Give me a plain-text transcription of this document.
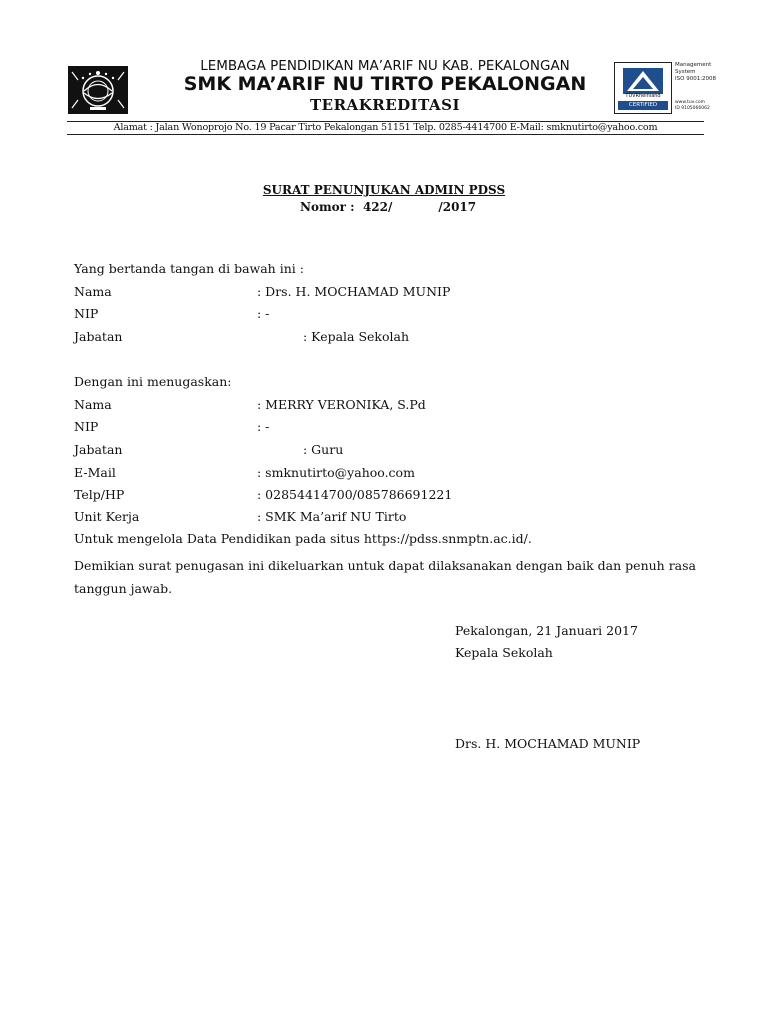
LEMBAGA PENDIDIKAN MA’ARIF NU KAB. PEKALONGAN
SMK MA’ARIF NU TIRTO PEKALONGAN
TERAKREDITASI	TÜVRheinland
CERTIFIED
Management
System
ISO 9001:2008
www.tuv.com
ID 9105066062
Alamat : Jalan Wonoprojo No. 19 Pacar Tirto Pekalongan 51151 Telp. 0285-4414700 E-Mail: smknutirto@yahoo.com
SURAT PENUNJUKAN ADMIN PDSS
Nomor :  422/           /2017
Yang bertanda tangan di bawah ini :
Nama	: Drs. H. MOCHAMAD MUNIP
NIP	: -
Jabatan	: Kepala Sekolah
Dengan ini menugaskan:
Nama	: MERRY VERONIKA, S.Pd
NIP	: -
Jabatan	: Guru
E-Mail	: smknutirto@yahoo.com
Telp/HP	: 02854414700/085786691221
Unit Kerja	: SMK Ma’arif NU Tirto
Untuk mengelola Data Pendidikan pada situs https://pdss.snmptn.ac.id/.
Demikian surat penugasan ini dikeluarkan untuk dapat dilaksanakan dengan baik dan penuh rasa tanggun jawab.
Pekalongan, 21 Januari 2017
Kepala Sekolah
Drs. H. MOCHAMAD MUNIP
